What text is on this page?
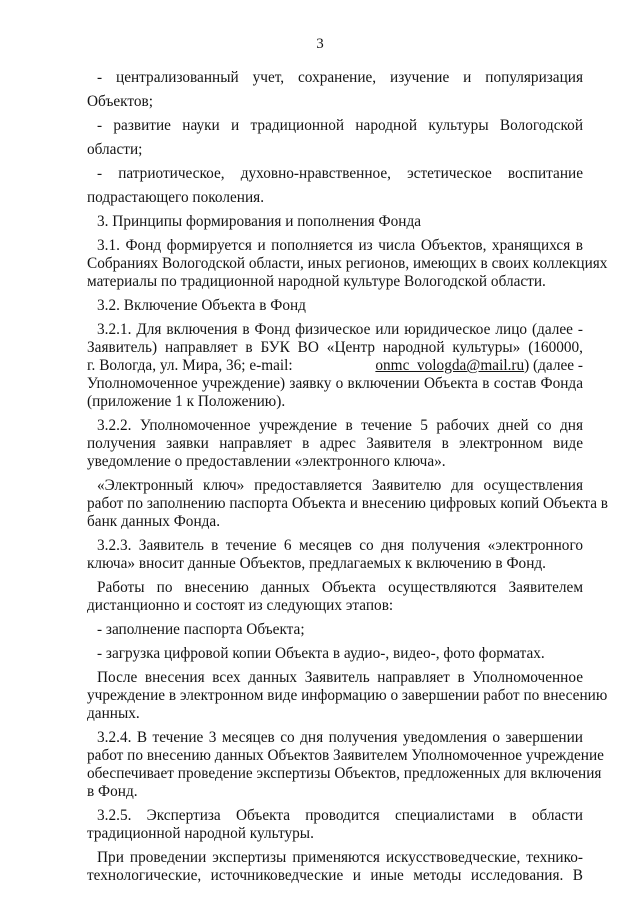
3
- централизованный учет, сохранение, изучение и популяризация
Объектов;
- развитие науки и традиционной народной культуры Вологодской
области;
- патриотическое, духовно-нравственное, эстетическое воспитание
подрастающего поколения.
3. Принципы формирования и пополнения Фонда
3.1. Фонд формируется и пополняется из числа Объектов, хранящихся в
Собраниях Вологодской области, иных регионов, имеющих в своих коллекциях
материалы по традиционной народной культуре Вологодской области.
3.2. Включение Объекта в Фонд
3.2.1. Для включения в Фонд физическое или юридическое лицо (далее -
Заявитель) направляет в БУК ВО «Центр народной культуры» (160000,
г. Вологда, ул. Мира, 36; e-mail:	onmc_vologda@mail.ru) (далее -
Уполномоченное учреждение) заявку о включении Объекта в состав Фонда
(приложение 1 к Положению).
3.2.2. Уполномоченное учреждение в течение 5 рабочих дней со дня
получения заявки направляет в адрес Заявителя в электронном виде
уведомление о предоставлении «электронного ключа».
«Электронный ключ» предоставляется Заявителю для осуществления
работ по заполнению паспорта Объекта и внесению цифровых копий Объекта в
банк данных Фонда.
3.2.3. Заявитель в течение 6 месяцев со дня получения «электронного
ключа» вносит данные Объектов, предлагаемых к включению в Фонд.
Работы по внесению данных Объекта осуществляются Заявителем
дистанционно и состоят из следующих этапов:
- заполнение паспорта Объекта;
- загрузка цифровой копии Объекта в аудио-, видео-, фото форматах.
После внесения всех данных Заявитель направляет в Уполномоченное
учреждение в электронном виде информацию о завершении работ по внесению
данных.
3.2.4. В течение 3 месяцев со дня получения уведомления о завершении
работ по внесению данных Объектов Заявителем Уполномоченное учреждение
обеспечивает проведение экспертизы Объектов, предложенных для включения
в Фонд.
3.2.5. Экспертиза Объекта проводится специалистами в области
традиционной народной культуры.
При проведении экспертизы применяются искусствоведческие, технико-
технологические, источниковедческие и иные методы исследования. В
